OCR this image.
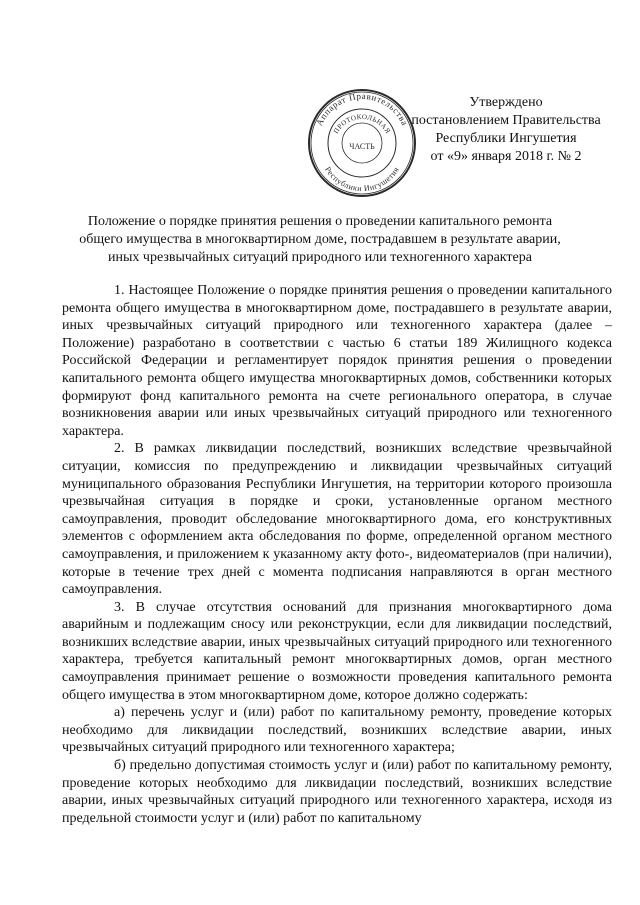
Аппарат Правительства
Республики Ингушетия
ПРОТОКОЛЬНАЯ
ЧАСТЬ
Утверждено
постановлением Правительства
Республики Ингушетия
от «9» января 2018 г. № 2
Положение о порядке принятия решения о проведении капитального ремонта
общего имущества в многоквартирном доме, пострадавшем в результате аварии,
иных чрезвычайных ситуаций природного или техногенного характера

1. Настоящее Положение о порядке принятия решения о проведении капитального ремонта общего имущества в многоквартирном доме, пострадавшего в результате аварии, иных чрезвычайных ситуаций природного или техногенного характера (далее – Положение) разработано в соответствии с частью 6 статьи 189 Жилищного кодекса Российской Федерации и регламентирует порядок принятия решения о проведении капитального ремонта общего имущества многоквартирных домов, собственники которых формируют фонд капитального ремонта на счете регионального оператора, в случае возникновения аварии или иных чрезвычайных ситуаций природного или техногенного характера.

2. В рамках ликвидации последствий, возникших вследствие чрезвычайной ситуации, комиссия по предупреждению и ликвидации чрезвычайных ситуаций муниципального образования Республики Ингушетия, на территории которого произошла чрезвычайная ситуация в порядке и сроки, установленные органом местного самоуправления, проводит обследование многоквартирного дома, его конструктивных элементов с оформлением акта обследования по форме, определенной органом местного самоуправления, и приложением к указанному акту фото-, видеоматериалов (при наличии), которые в течение трех дней с момента подписания направляются в орган местного самоуправления.

3. В случае отсутствия оснований для признания многоквартирного дома аварийным и подлежащим сносу или реконструкции, если для ликвидации последствий, возникших вследствие аварии, иных чрезвычайных ситуаций природного или техногенного характера, требуется капитальный ремонт многоквартирных домов, орган местного самоуправления принимает решение о возможности проведения капитального ремонта общего имущества в этом многоквартирном доме, которое должно содержать:

а) перечень услуг и (или) работ по капитальному ремонту, проведение которых необходимо для ликвидации последствий, возникших вследствие аварии, иных чрезвычайных ситуаций природного или техногенного характера;

б) предельно допустимая стоимость услуг и (или) работ по капитальному ремонту, проведение которых необходимо для ликвидации последствий, возникших вследствие аварии, иных чрезвычайных ситуаций природного или техногенного характера, исходя из предельной стоимости услуг и (или) работ по капитальному
